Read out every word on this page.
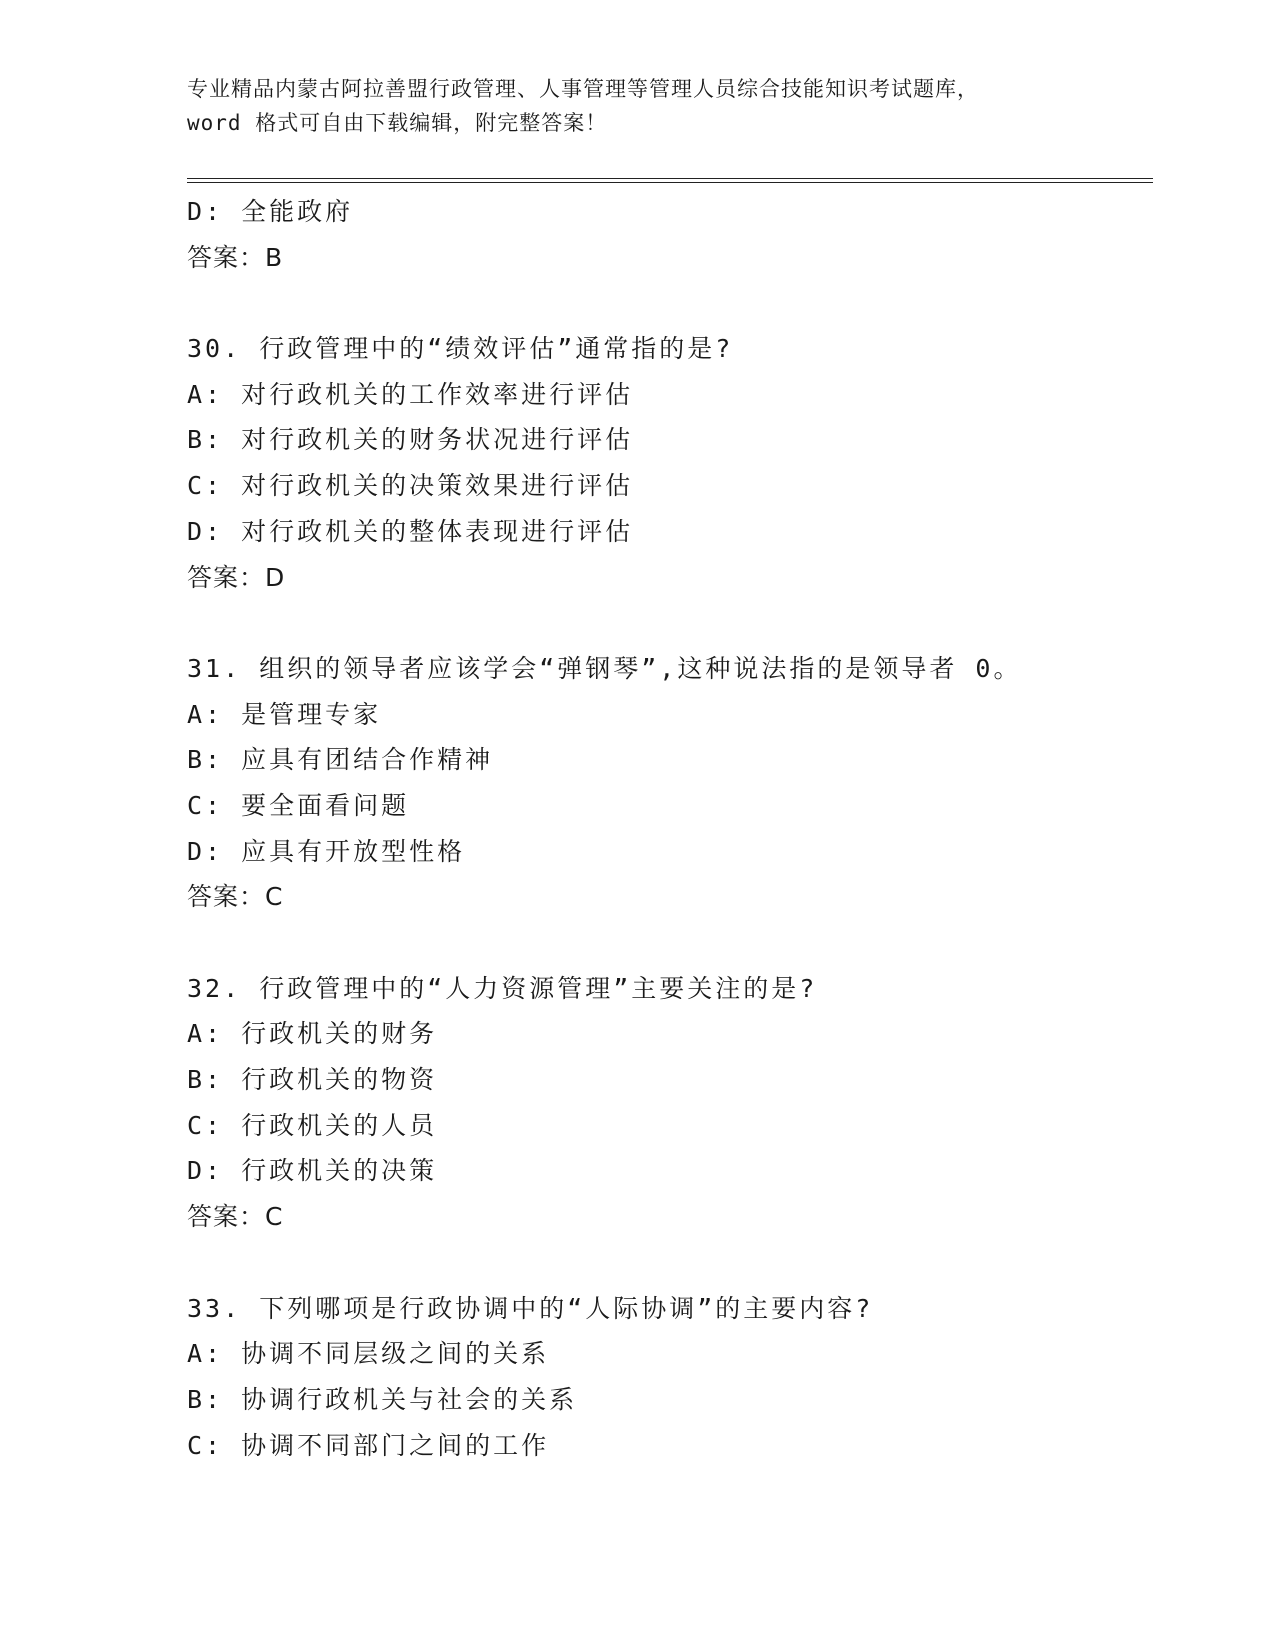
专业精品内蒙古阿拉善盟行政管理、人事管理等管理人员综合技能知识考试题库，
word 格式可自由下载编辑，附完整答案！
D: 全能政府
答案：B
30. 行政管理中的“绩效评估”通常指的是?
A: 对行政机关的工作效率进行评估
B: 对行政机关的财务状况进行评估
C: 对行政机关的决策效果进行评估
D: 对行政机关的整体表现进行评估
答案：D
31. 组织的领导者应该学会“弹钢琴”,这种说法指的是领导者 0。
A: 是管理专家
B: 应具有团结合作精神
C: 要全面看问题
D: 应具有开放型性格
答案：C
32. 行政管理中的“人力资源管理”主要关注的是?
A: 行政机关的财务
B: 行政机关的物资
C: 行政机关的人员
D: 行政机关的决策
答案：C
33. 下列哪项是行政协调中的“人际协调”的主要内容?
A: 协调不同层级之间的关系
B: 协调行政机关与社会的关系
C: 协调不同部门之间的工作
